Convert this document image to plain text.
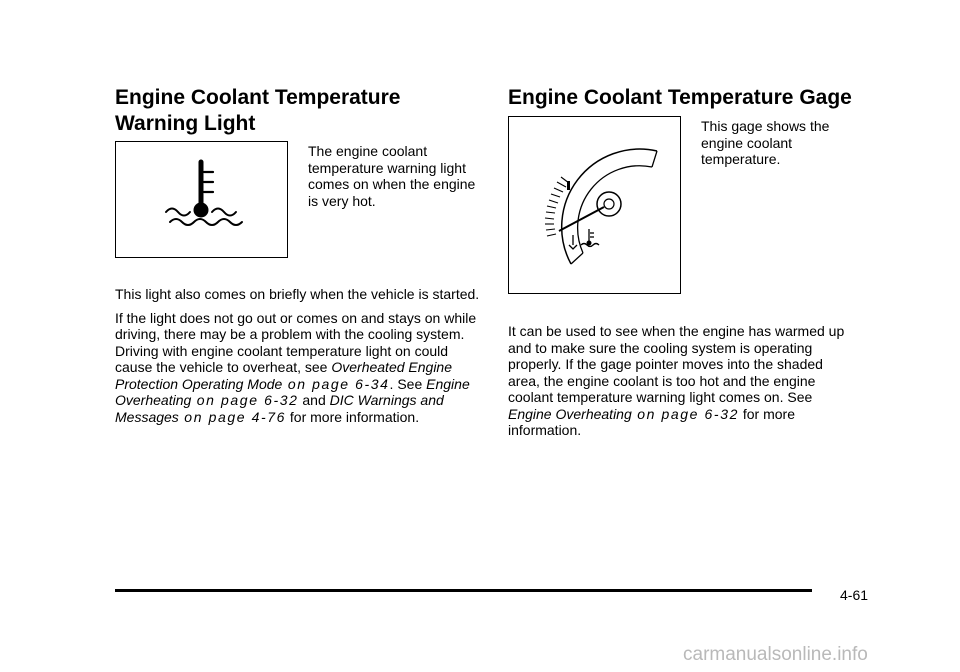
Engine Coolant Temperature Warning Light

The engine coolant temperature warning light comes on when the engine is very hot.

This light also comes on briefly when the vehicle is started.

If the light does not go out or comes on and stays on while driving, there may be a problem with the cooling system. Driving with engine coolant temperature light on could cause the vehicle to overheat, see Overheated Engine Protection Operating Mode on page 6-34. See Engine Overheating on page 6-32 and DIC Warnings and Messages on page 4-76 for more information.

Engine Coolant Temperature Gage

This gage shows the engine coolant temperature.

It can be used to see when the engine has warmed up and to make sure the cooling system is operating properly. If the gage pointer moves into the shaded area, the engine coolant is too hot and the engine coolant temperature warning light comes on. See Engine Overheating on page 6-32 for more information.

4-61
carmanualsonline.info
